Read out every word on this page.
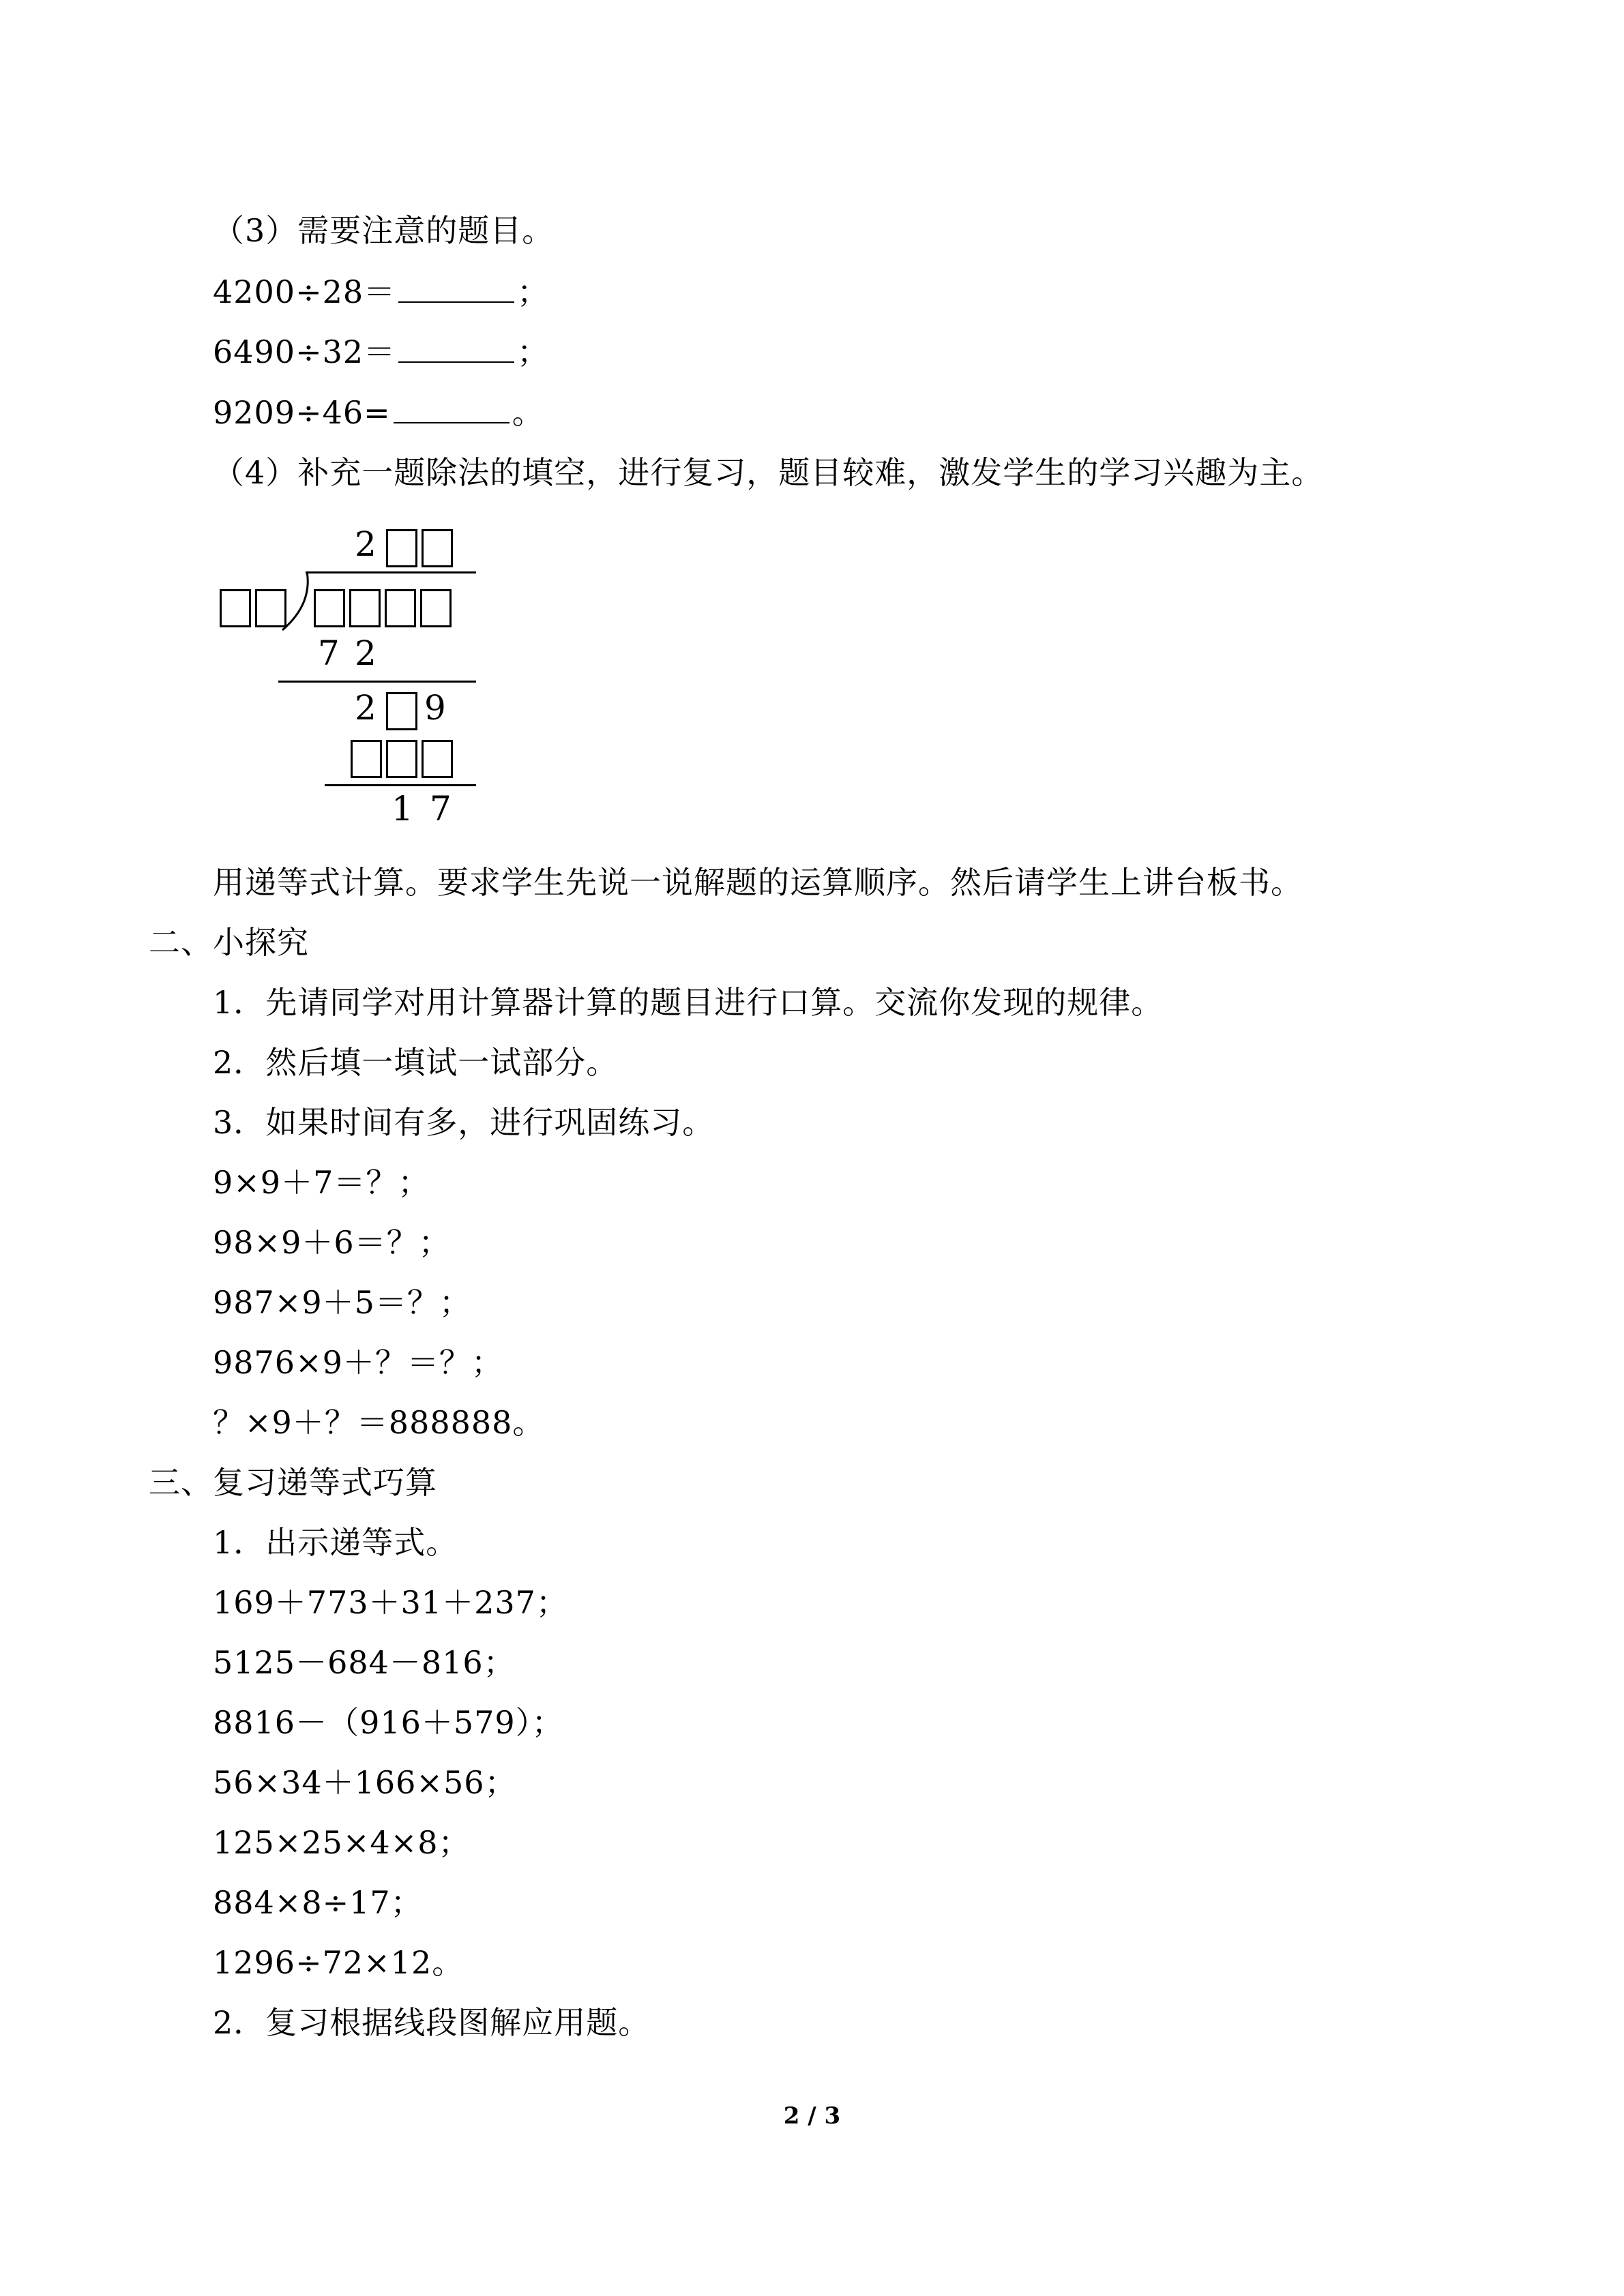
（3）需要注意的题目。

4200÷28＝	；

6490÷32＝	；

9209÷46=	。

（4）补充一题除法的填空，进行复习，题目较难，激发学生的学习兴趣为主。

2
7 2
2 9
1 7

用递等式计算。要求学生先说一说解题的运算顺序。然后请学生上讲台板书。

二、小探究

1．先请同学对用计算器计算的题目进行口算。交流你发现的规律。

2．然后填一填试一试部分。

3．如果时间有多，进行巩固练习。

9×9＋7＝？；

98×9＋6＝？；

987×9＋5＝？；

9876×9＋？＝？；

？×9＋？＝888888。

三、复习递等式巧算

1．出示递等式。

169＋773＋31＋237；

5125－684－816；

8816－（916＋579）；

56×34＋166×56；

125×25×4×8；

884×8÷17；

1296÷72×12。

2．复习根据线段图解应用题。

2 / 3
